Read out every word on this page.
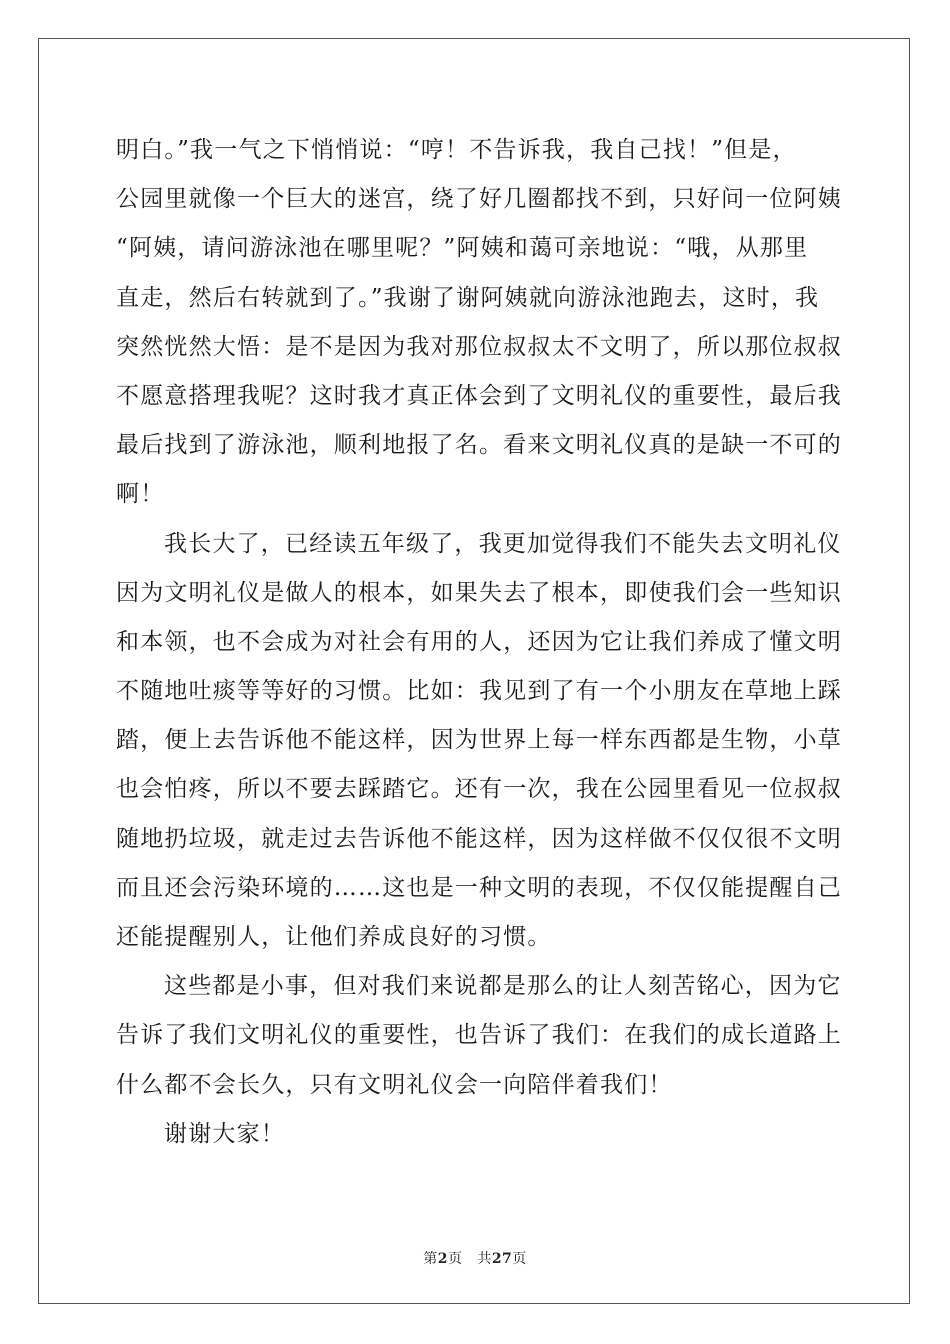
明白。”我一气之下悄悄说：“哼！不告诉我，我自己找！”但是，
公园里就像一个巨大的迷宫，绕了好几圈都找不到，只好问一位阿姨
“阿姨，请问游泳池在哪里呢？”阿姨和蔼可亲地说：“哦，从那里
直走，然后右转就到了。”我谢了谢阿姨就向游泳池跑去，这时，我
突然恍然大悟：是不是因为我对那位叔叔太不文明了，所以那位叔叔
不愿意搭理我呢？这时我才真正体会到了文明礼仪的重要性，最后我
最后找到了游泳池，顺利地报了名。看来文明礼仪真的是缺一不可的
啊！
我长大了，已经读五年级了，我更加觉得我们不能失去文明礼仪
因为文明礼仪是做人的根本，如果失去了根本，即使我们会一些知识
和本领，也不会成为对社会有用的人，还因为它让我们养成了懂文明
不随地吐痰等等好的习惯。比如：我见到了有一个小朋友在草地上踩
踏，便上去告诉他不能这样，因为世界上每一样东西都是生物，小草
也会怕疼，所以不要去踩踏它。还有一次，我在公园里看见一位叔叔
随地扔垃圾，就走过去告诉他不能这样，因为这样做不仅仅很不文明
而且还会污染环境的……这也是一种文明的表现，不仅仅能提醒自己
还能提醒别人，让他们养成良好的习惯。
这些都是小事，但对我们来说都是那么的让人刻苦铭心，因为它
告诉了我们文明礼仪的重要性，也告诉了我们：在我们的成长道路上
什么都不会长久，只有文明礼仪会一向陪伴着我们！
谢谢大家！
第2页 共27页
